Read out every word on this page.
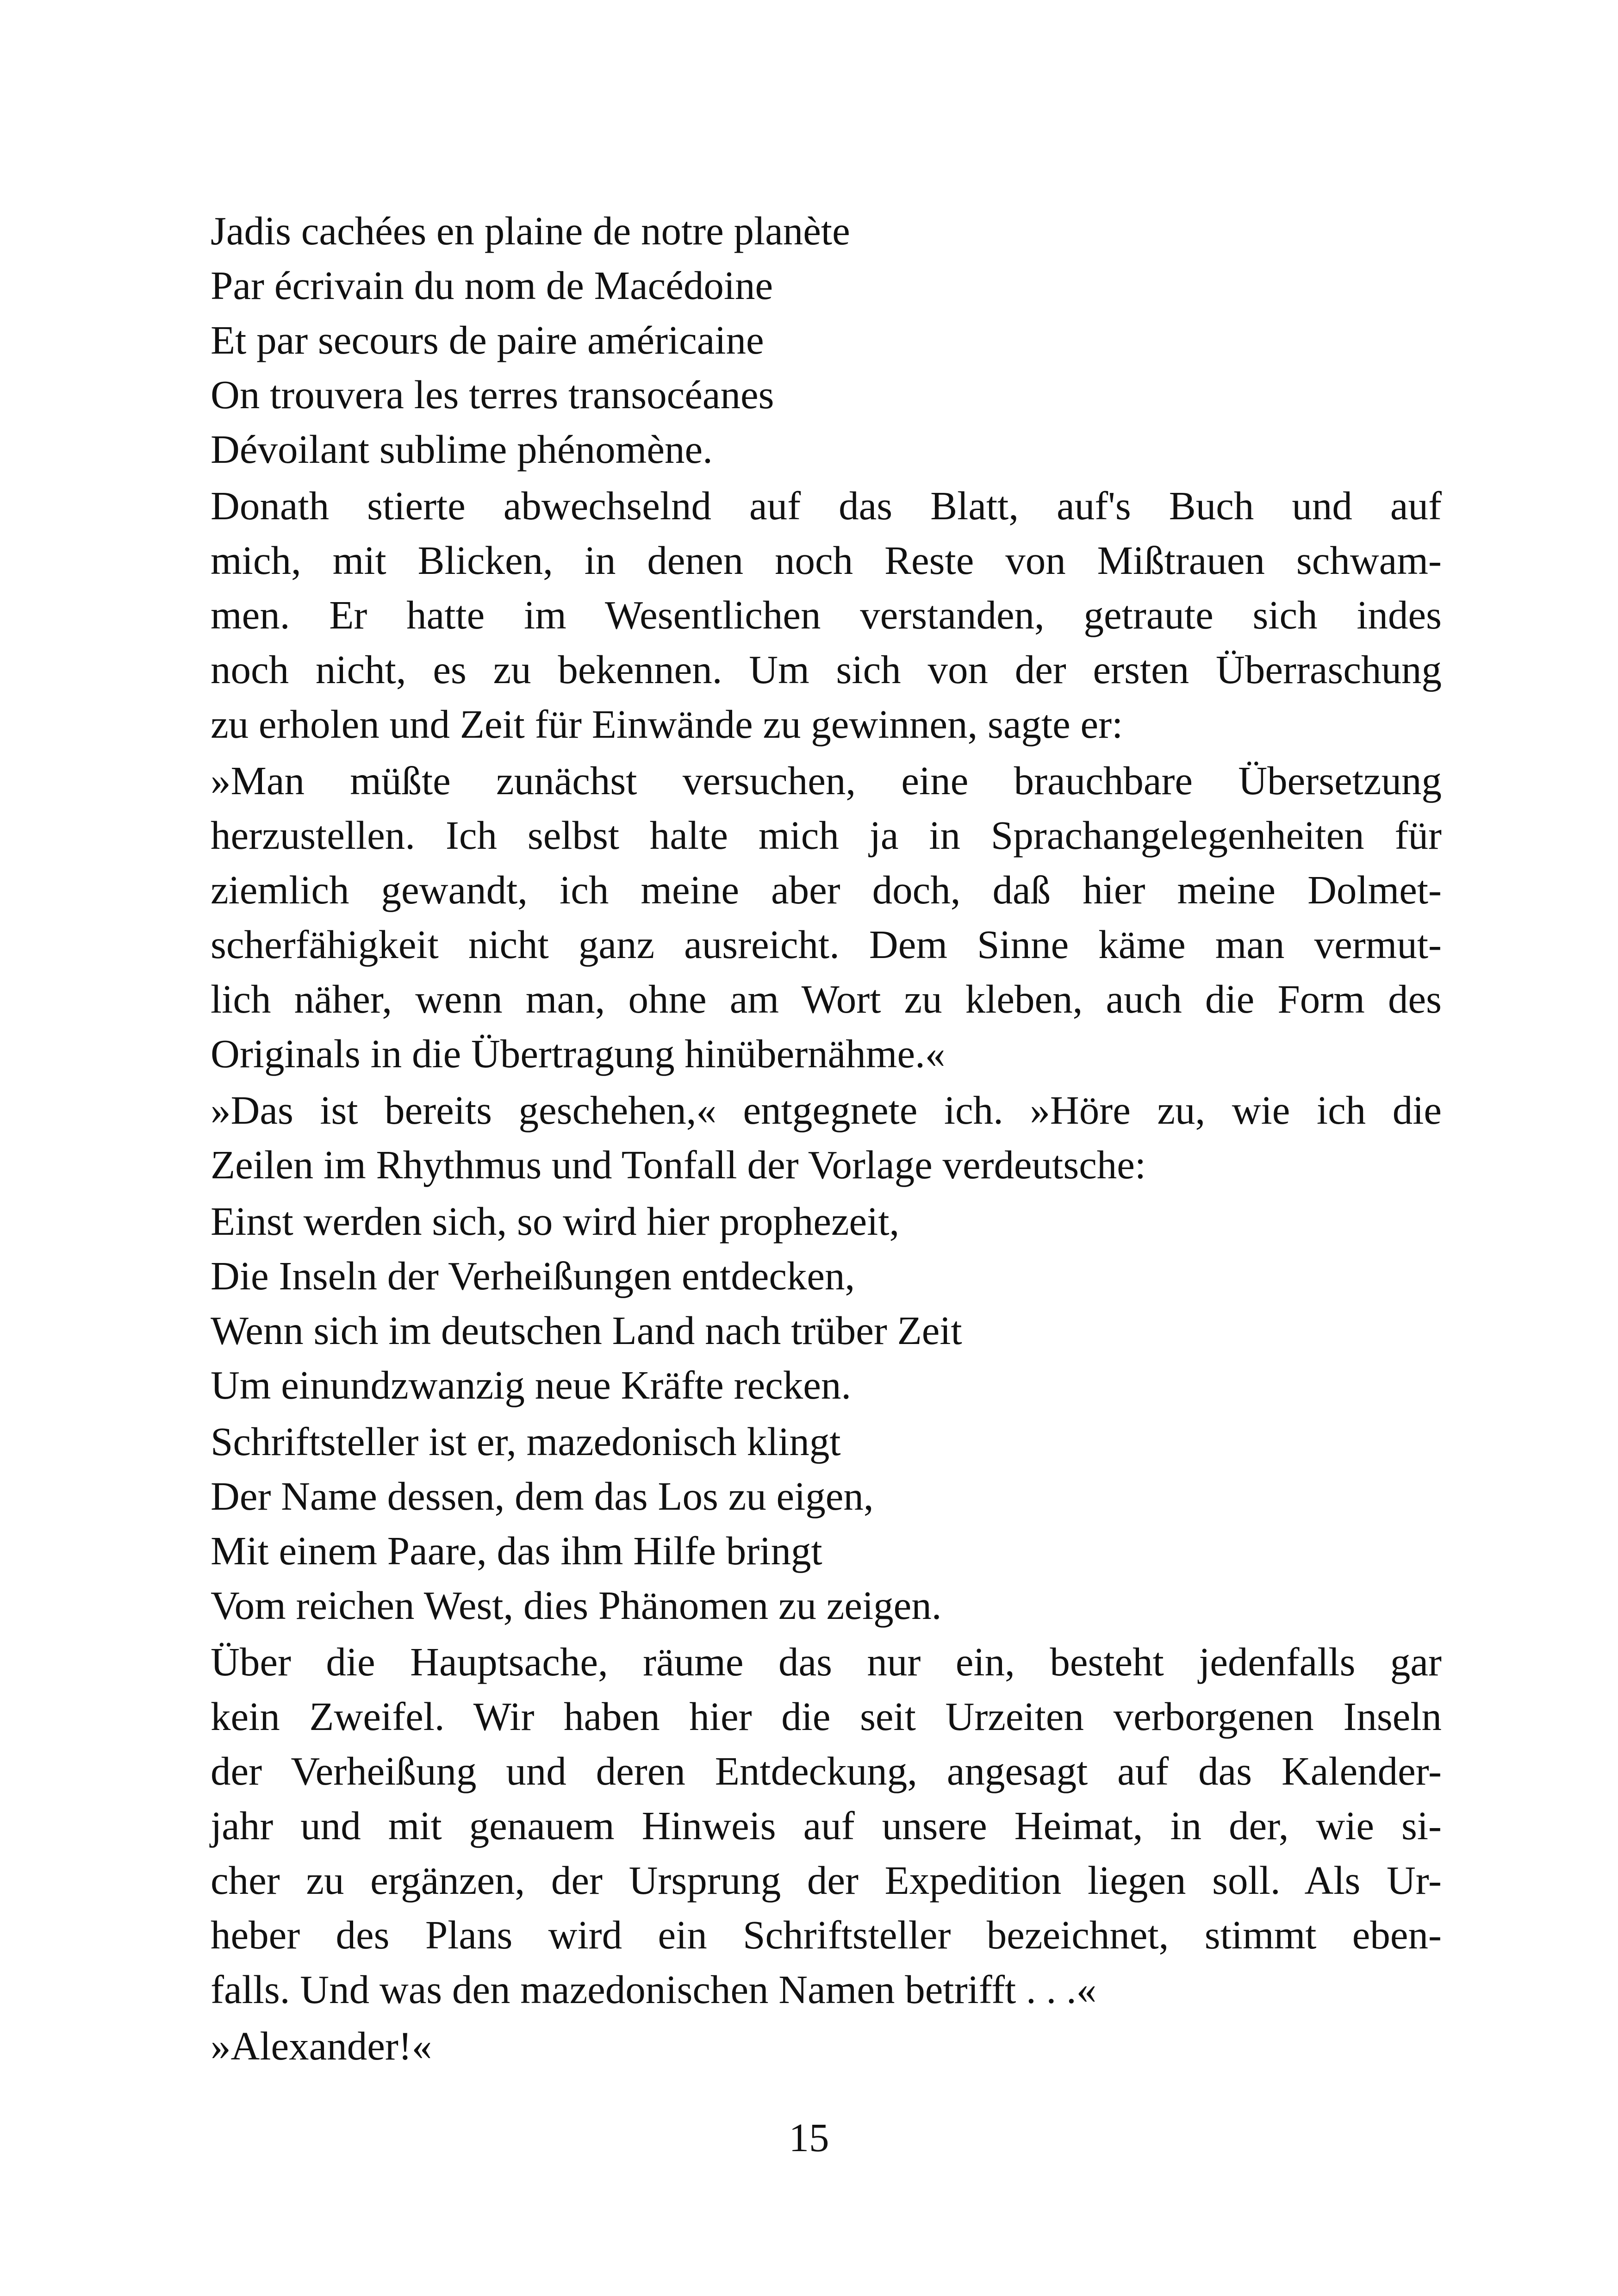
Jadis cachées en plaine de notre planète
Par écrivain du nom de Macédoine
Et par secours de paire américaine
On trouvera les terres transocéanes
Dévoilant sublime phénomène.
Donath stierte abwechselnd auf das Blatt, auf's Buch und auf
mich, mit Blicken, in denen noch Reste von Mißtrauen schwam-
men. Er hatte im Wesentlichen verstanden, getraute sich indes
noch nicht, es zu bekennen. Um sich von der ersten Überraschung
zu erholen und Zeit für Einwände zu gewinnen, sagte er:
»Man müßte zunächst versuchen, eine brauchbare Übersetzung
herzustellen. Ich selbst halte mich ja in Sprachangelegenheiten für
ziemlich gewandt, ich meine aber doch, daß hier meine Dolmet-
scherfähigkeit nicht ganz ausreicht. Dem Sinne käme man vermut-
lich näher, wenn man, ohne am Wort zu kleben, auch die Form des
Originals in die Übertragung hinübernähme.«
»Das ist bereits geschehen,« entgegnete ich. »Höre zu, wie ich die
Zeilen im Rhythmus und Tonfall der Vorlage verdeutsche:
Einst werden sich, so wird hier prophezeit,
Die Inseln der Verheißungen entdecken,
Wenn sich im deutschen Land nach trüber Zeit
Um einundzwanzig neue Kräfte recken.
Schriftsteller ist er, mazedonisch klingt
Der Name dessen, dem das Los zu eigen,
Mit einem Paare, das ihm Hilfe bringt
Vom reichen West, dies Phänomen zu zeigen.
Über die Hauptsache, räume das nur ein, besteht jedenfalls gar
kein Zweifel. Wir haben hier die seit Urzeiten verborgenen Inseln
der Verheißung und deren Entdeckung, angesagt auf das Kalender-
jahr und mit genauem Hinweis auf unsere Heimat, in der, wie si-
cher zu ergänzen, der Ursprung der Expedition liegen soll. Als Ur-
heber des Plans wird ein Schriftsteller bezeichnet, stimmt eben-
falls. Und was den mazedonischen Namen betrifft . . .«
»Alexander!«
15
